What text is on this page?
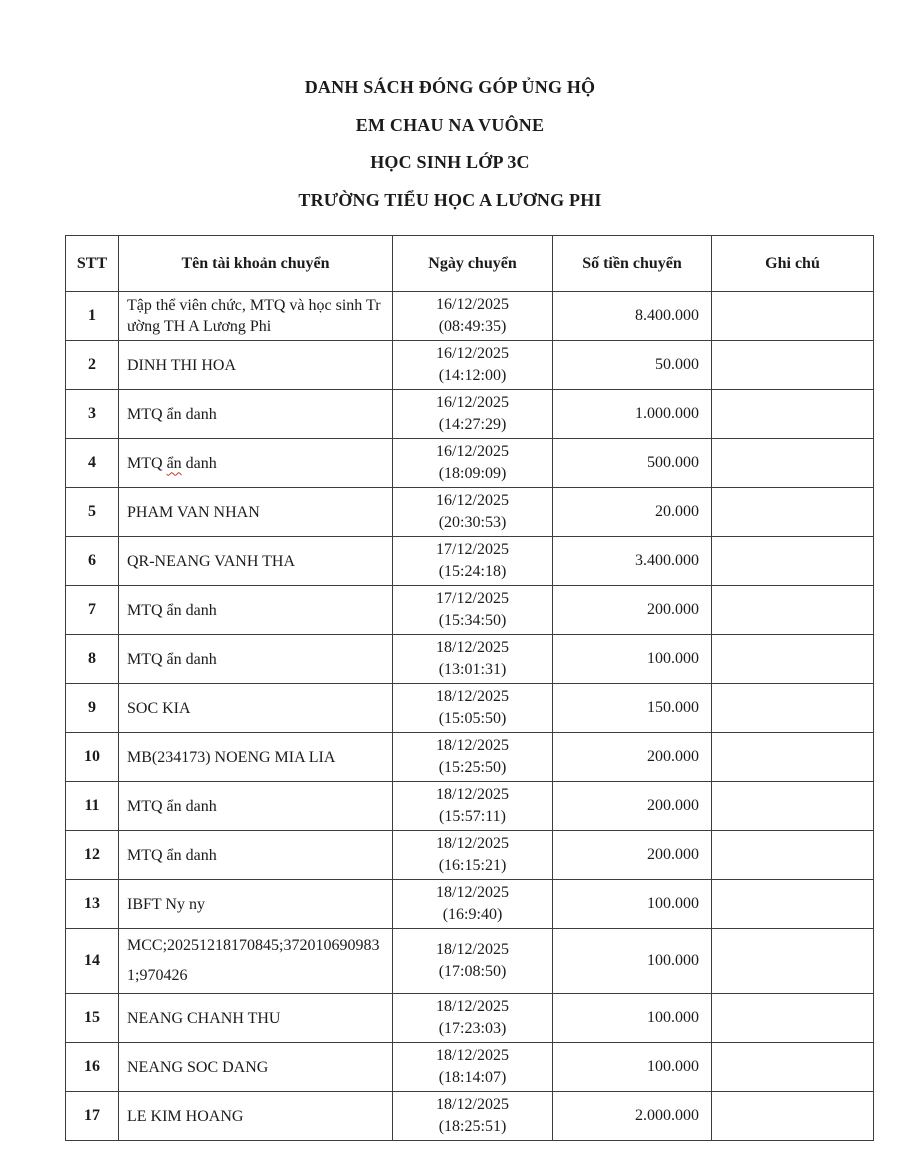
DANH SÁCH ĐÓNG GÓP ỦNG HỘ
EM CHAU NA VUÔNE
HỌC SINH LỚP 3C
TRƯỜNG TIỂU HỌC A LƯƠNG PHI
STT	Tên tài khoản chuyển	Ngày chuyển	Số tiền chuyển	Ghi chú
1	Tập thể viên chức, MTQ và học sinh Trường TH A Lương Phi	16/12/2025
(08:49:35)	8.400.000	
2	DINH THI HOA	16/12/2025
(14:12:00)	50.000	
3	MTQ ẩn danh	16/12/2025
(14:27:29)	1.000.000	
4	MTQ ẩn danh	16/12/2025
(18:09:09)	500.000	
5	PHAM VAN NHAN	16/12/2025
(20:30:53)	20.000	
6	QR-NEANG VANH THA	17/12/2025
(15:24:18)	3.400.000	
7	MTQ ẩn danh	17/12/2025
(15:34:50)	200.000	
8	MTQ ẩn danh	18/12/2025
(13:01:31)	100.000	
9	SOC KIA	18/12/2025
(15:05:50)	150.000	
10	MB(234173) NOENG MIA LIA	18/12/2025
(15:25:50)	200.000	
11	MTQ ẩn danh	18/12/2025
(15:57:11)	200.000	
12	MTQ ẩn danh	18/12/2025
(16:15:21)	200.000	
13	IBFT Ny ny	18/12/2025
(16:9:40)	100.000	
14	MCC;20251218170845;3720106909831;970426	18/12/2025
(17:08:50)	100.000	
15	NEANG CHANH THU	18/12/2025
(17:23:03)	100.000	
16	NEANG SOC DANG	18/12/2025
(18:14:07)	100.000	
17	LE KIM HOANG	18/12/2025
(18:25:51)	2.000.000	
